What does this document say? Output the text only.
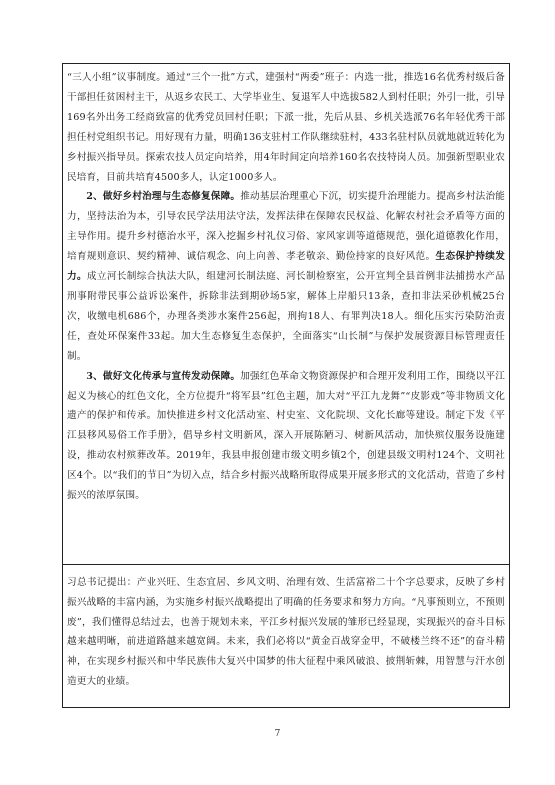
“三人小组”议事制度。通过“三个一批”方式，建强村“两委”班子：内选一批，推选16名优秀村级后备干部担任贫困村主干，从返乡农民工、大学毕业生、复退军人中选拔582人到村任职；外引一批，引导169名外出务工经商致富的优秀党员回村任职；下派一批，先后从县、乡机关选派76名年轻优秀干部担任村党组织书记。用好现有力量，明确136支驻村工作队继续驻村，433名驻村队员就地就近转化为乡村振兴指导员。探索农技人员定向培养，用4年时间定向培养160名农技特岗人员。加强新型职业农民培育，目前共培育4500多人，认定1000多人。

2、做好乡村治理与生态修复保障。推动基层治理重心下沉，切实提升治理能力。提高乡村法治能力，坚持法治为本，引导农民学法用法守法，发挥法律在保障农民权益、化解农村社会矛盾等方面的主导作用。提升乡村德治水平，深入挖掘乡村礼仪习俗、家风家训等道德规范，强化道德教化作用，培育规则意识、契约精神、诚信观念、向上向善、孝老敬亲、勤俭持家的良好风范。生态保护持续发力。成立河长制综合执法大队，组建河长制法庭、河长制检察室，公开宣判全县首例非法捕捞水产品刑事附带民事公益诉讼案件，拆除非法到期砂场5家，解体上岸船只13条，查扣非法采砂机械25台次，收缴电机686个，办理各类涉水案件256起，刑拘18人、有罪判决18人。细化压实污染防治责任，查处环保案件33起。加大生态修复生态保护，全面落实“山长制”与保护发展资源目标管理责任制。

3、做好文化传承与宣传发动保障。加强红色革命文物资源保护和合理开发利用工作，围绕以平江起义为核心的红色文化，全方位提升“将军县”红色主题，加大对“平江九龙舞”“皮影戏”等非物质文化遗产的保护和传承。加快推进乡村文化活动室、村史室、文化院坝、文化长廊等建设。制定下发《平江县移风易俗工作手册》，倡导乡村文明新风，深入开展陈陋习、树新风活动，加快殡仪服务设施建设，推动农村殡葬改革。2019年，我县申报创建市级文明乡镇2个，创建县级文明村124个、文明社区4个。以“我们的节日”为切入点，结合乡村振兴战略所取得成果开展多形式的文化活动，营造了乡村振兴的浓厚氛围。

习总书记提出：产业兴旺、生态宜居、乡风文明、治理有效、生活富裕二十个字总要求，反映了乡村振兴战略的丰富内涵，为实施乡村振兴战略提出了明确的任务要求和努力方向。“凡事预则立，不预则废”，我们懂得总结过去，也善于规划未来，平江乡村振兴发展的雏形已经显现，实现振兴的奋斗目标越来越明晰，前进道路越来越宽阔。未来，我们必将以“黄金百战穿金甲，不破楼兰终不还”的奋斗精神，在实现乡村振兴和中华民族伟大复兴中国梦的伟大征程中乘风破浪、披荆斩棘，用智慧与汗水创造更大的业绩。

7
